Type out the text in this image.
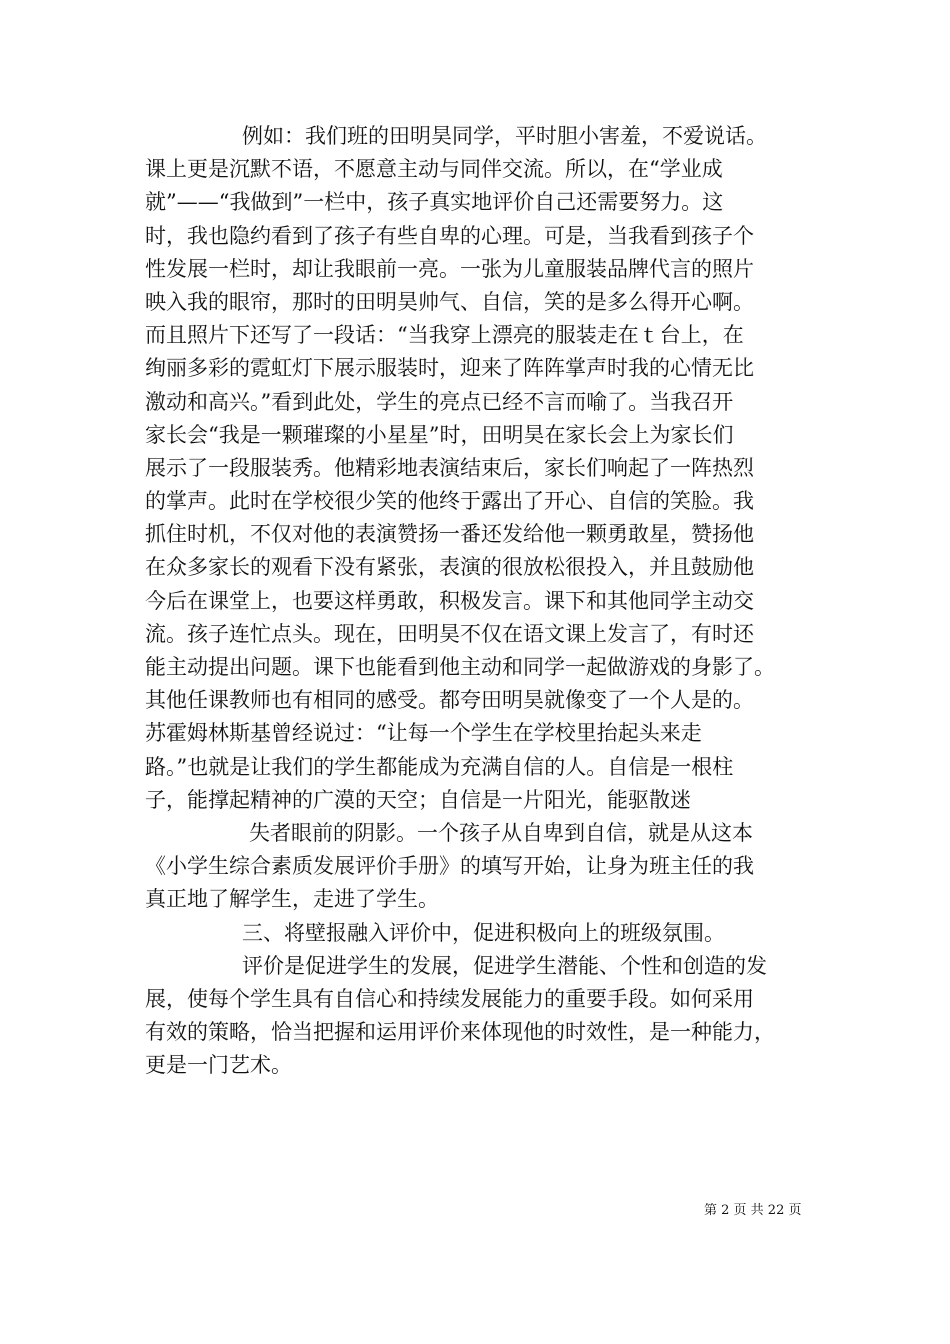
例如：我们班的田明昊同学，平时胆小害羞，不爱说话。
课上更是沉默不语，不愿意主动与同伴交流。所以，在“学业成
就”——“我做到”一栏中，孩子真实地评价自己还需要努力。这
时，我也隐约看到了孩子有些自卑的心理。可是，当我看到孩子个
性发展一栏时，却让我眼前一亮。一张为儿童服装品牌代言的照片
映入我的眼帘，那时的田明昊帅气、自信，笑的是多么得开心啊。
而且照片下还写了一段话：“当我穿上漂亮的服装走在ｔ台上，在
绚丽多彩的霓虹灯下展示服装时，迎来了阵阵掌声时我的心情无比
激动和高兴。”看到此处，学生的亮点已经不言而喻了。当我召开
家长会“我是一颗璀璨的小星星”时，田明昊在家长会上为家长们
展示了一段服装秀。他精彩地表演结束后，家长们响起了一阵热烈
的掌声。此时在学校很少笑的他终于露出了开心、自信的笑脸。我
抓住时机，不仅对他的表演赞扬一番还发给他一颗勇敢星，赞扬他
在众多家长的观看下没有紧张，表演的很放松很投入，并且鼓励他
今后在课堂上，也要这样勇敢，积极发言。课下和其他同学主动交
流。孩子连忙点头。现在，田明昊不仅在语文课上发言了，有时还
能主动提出问题。课下也能看到他主动和同学一起做游戏的身影了。
其他任课教师也有相同的感受。都夸田明昊就像变了一个人是的。
苏霍姆林斯基曾经说过：“让每一个学生在学校里抬起头来走
路。”也就是让我们的学生都能成为充满自信的人。自信是一根柱
子，能撑起精神的广漠的天空；自信是一片阳光，能驱散迷
失者眼前的阴影。一个孩子从自卑到自信，就是从这本
《小学生综合素质发展评价手册》的填写开始，让身为班主任的我
真正地了解学生，走进了学生。
三、将壁报融入评价中，促进积极向上的班级氛围。
评价是促进学生的发展，促进学生潜能、个性和创造的发
展，使每个学生具有自信心和持续发展能力的重要手段。如何采用
有效的策略，恰当把握和运用评价来体现他的时效性，是一种能力，
更是一门艺术。
第 2 页 共 22 页
